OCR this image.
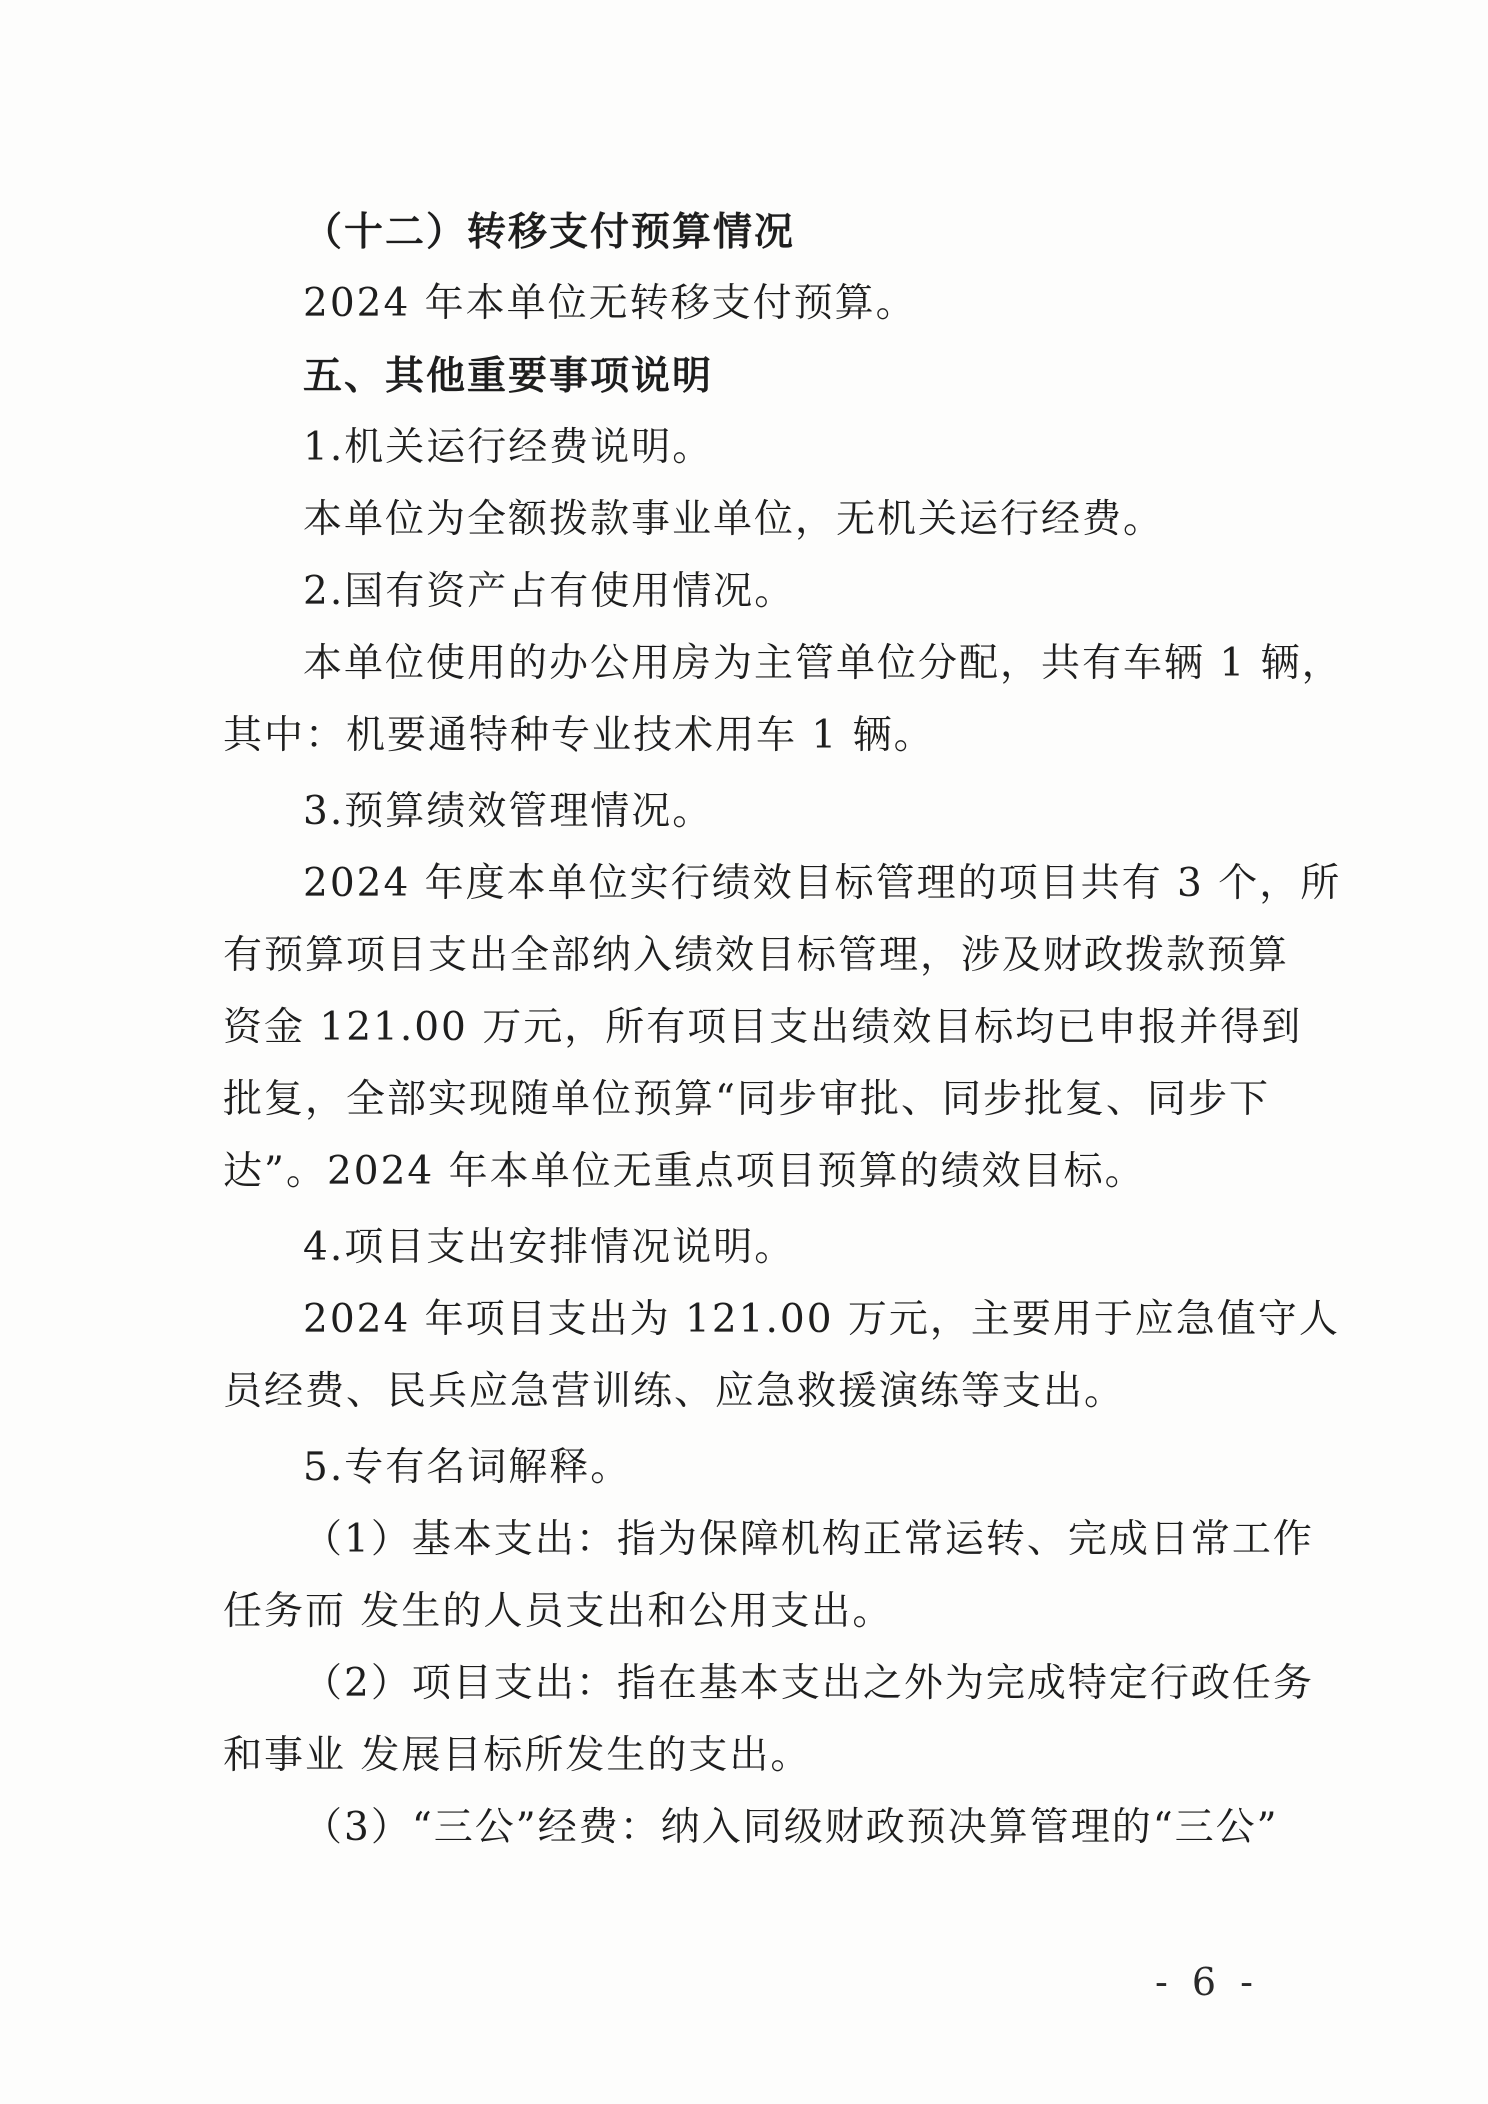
（十二）转移支付预算情况

2024 年本单位无转移支付预算。

五、其他重要事项说明

1.机关运行经费说明。

本单位为全额拨款事业单位，无机关运行经费。

2.国有资产占有使用情况。

本单位使用的办公用房为主管单位分配，共有车辆 1 辆，

其中：机要通特种专业技术用车 1 辆。

3.预算绩效管理情况。

2024 年度本单位实行绩效目标管理的项目共有 3 个，所

有预算项目支出全部纳入绩效目标管理，涉及财政拨款预算

资金 121.00 万元，所有项目支出绩效目标均已申报并得到

批复，全部实现随单位预算“同步审批、同步批复、同步下

达”。2024 年本单位无重点项目预算的绩效目标。

4.项目支出安排情况说明。

2024 年项目支出为 121.00 万元，主要用于应急值守人

员经费、民兵应急营训练、应急救援演练等支出。

5.专有名词解释。

（1）基本支出：指为保障机构正常运转、完成日常工作

任务而 发生的人员支出和公用支出。

（2）项目支出：指在基本支出之外为完成特定行政任务

和事业 发展目标所发生的支出。

（3）“三公”经费：纳入同级财政预决算管理的“三公”

- 6 -
